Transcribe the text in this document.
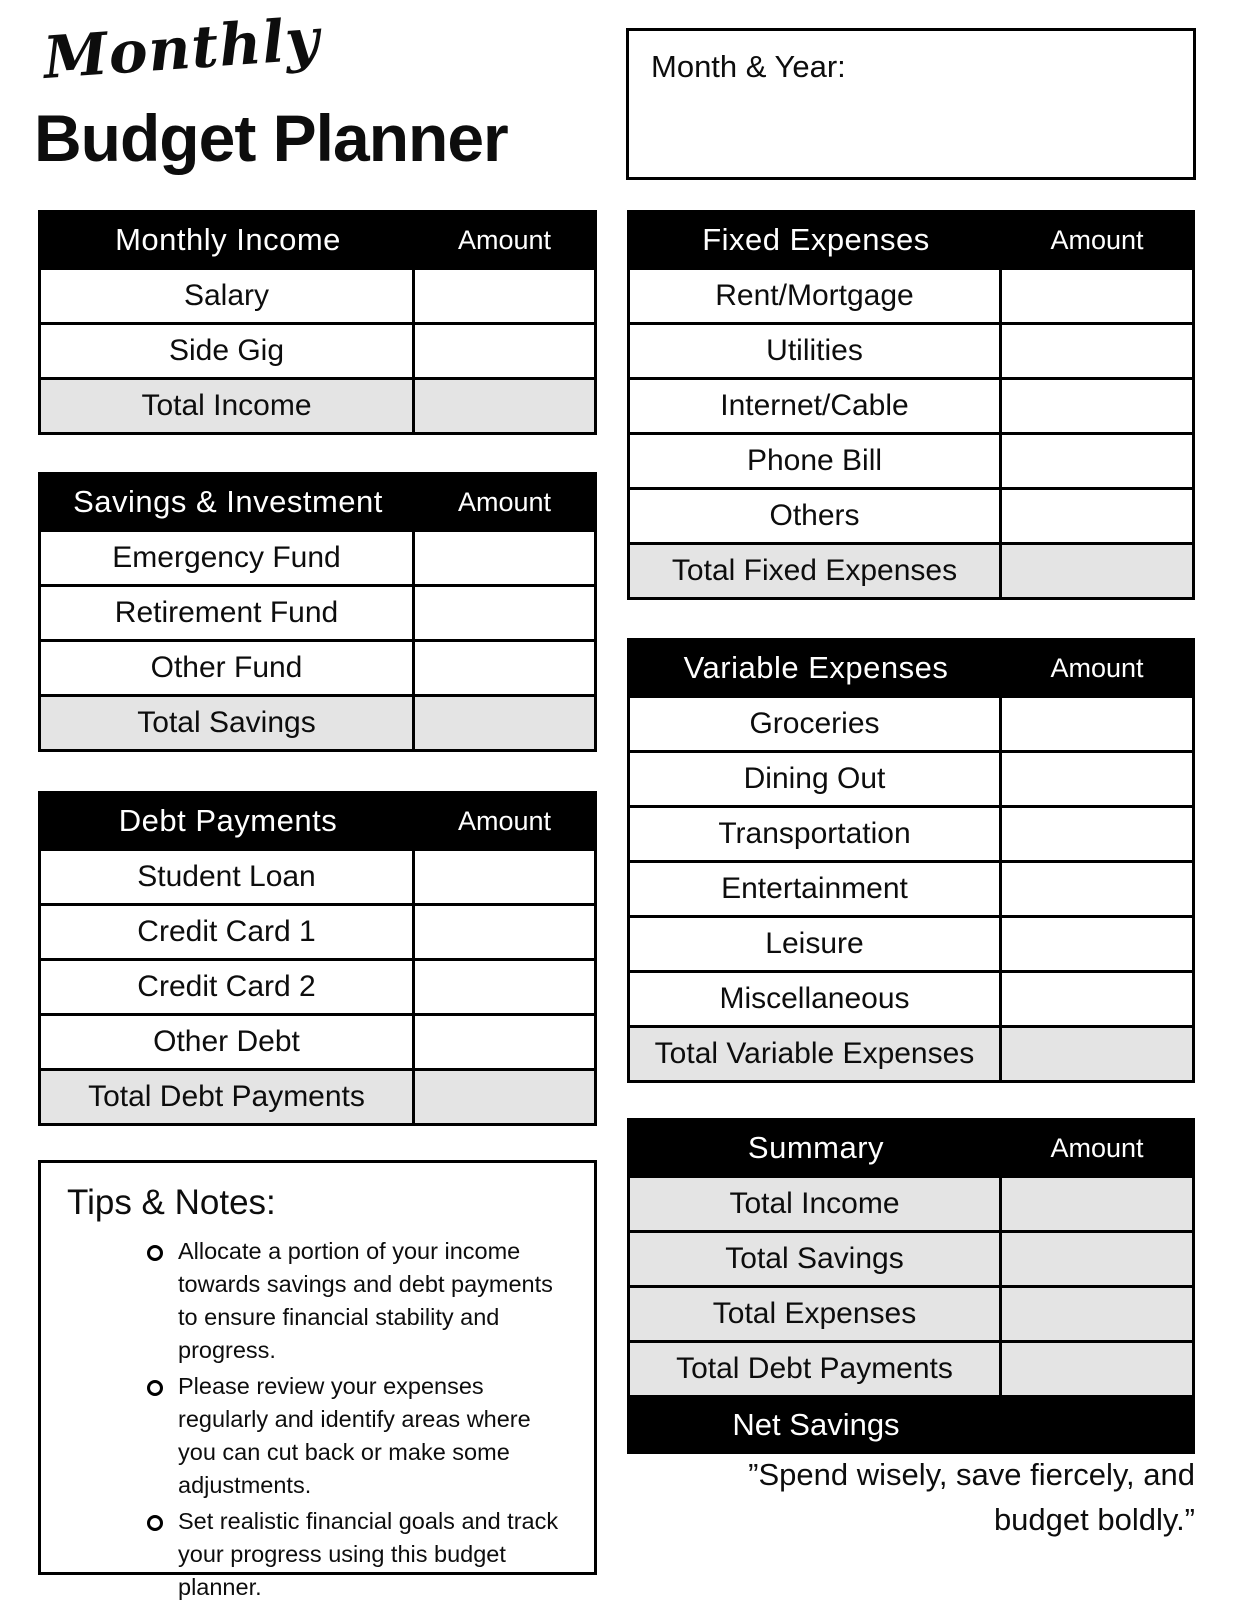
Monthly
Budget Planner
Month & Year:
Monthly Income	Amount
Salary
Side Gig
Total Income
Savings & Investment	Amount
Emergency Fund
Retirement Fund
Other Fund
Total Savings
Debt Payments	Amount
Student Loan
Credit Card 1
Credit Card 2
Other Debt
Total Debt Payments
Fixed Expenses	Amount
Rent/Mortgage
Utilities
Internet/Cable
Phone Bill
Others
Total Fixed Expenses
Variable Expenses	Amount
Groceries
Dining Out
Transportation
Entertainment
Leisure
Miscellaneous
Total Variable Expenses
Summary	Amount
Total Income
Total Savings
Total Expenses
Total Debt Payments
Net Savings
Tips & Notes:
Allocate a portion of your income towards savings and debt payments to ensure financial stability and progress.
Please review your expenses regularly and identify areas where you can cut back or make some adjustments.
Set realistic financial goals and track your progress using this budget planner.
”Spend wisely, save fiercely, and
budget boldly.”
